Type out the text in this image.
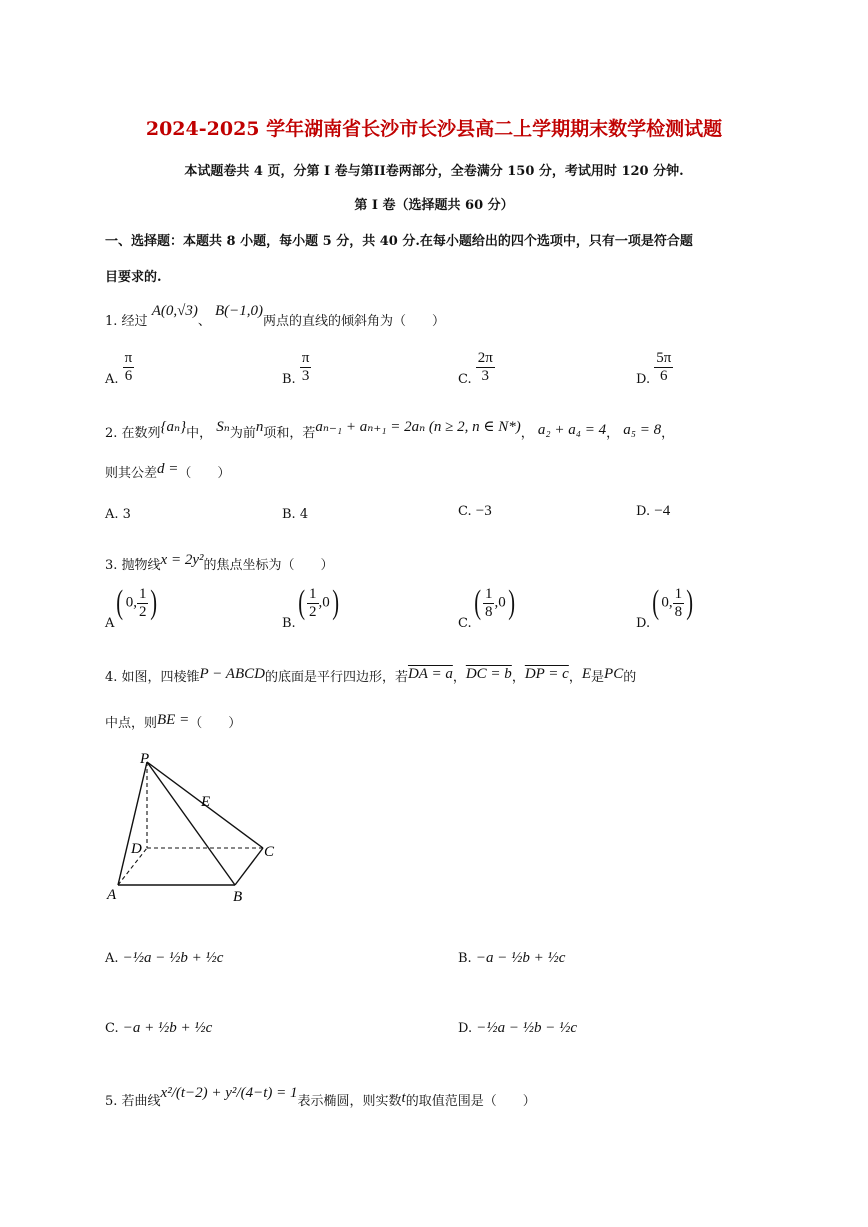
2024-2025 学年湖南省长沙市长沙县高二上学期期末数学检测试题
本试题卷共 4 页，分第 I 卷与第II卷两部分，全卷满分 150 分，考试用时 120 分钟.
第 I 卷（选择题共 60 分）
一、选择题：本题共 8 小题，每小题 5 分，共 40 分.在每小题给出的四个选项中，只有一项是符合题
目要求的.
1. 经过 A(0,√3)、 B(−1,0)两点的直线的倾斜角为（　　）
A. $\frac{\pi}{6}$	B. $\frac{\pi}{3}$	C. $\frac{2\pi}{3}$	D. $\frac{5\pi}{6}$
2. 在数列{aₙ}中， Sₙ为前n项和，若aₙ₋₁ + aₙ₊₁ = 2aₙ (n ≥ 2, n ∈ N*)， a₂ + a₄ = 4， a₅ = 8，
则其公差d =（　　）
A. 3	B. 4	C. −3	D. −4
3. 抛物线x = 2y²的焦点坐标为（　　）
A( 0, $\frac{1}{2}$ )
$B.( \frac{1}{2} ,0)$
$C.( \frac{1}{8} ,0)$
D.( 0, $\frac{1}{8}$ )
4. 如图，四棱锥P − ABCD的底面是平行四边形，若DA = a，DC = b，DP = c，E是PC的
中点，则BE =（　　）
P
E
D	C
A	B
A. −½a − ½b + ½c	B. −a − ½b + ½c
C. −a + ½b + ½c	D. −½a − ½b − ½c
5. 若曲线x²/(t−2) + y²/(4−t) = 1表示椭圆，则实数t的取值范围是（　　）
